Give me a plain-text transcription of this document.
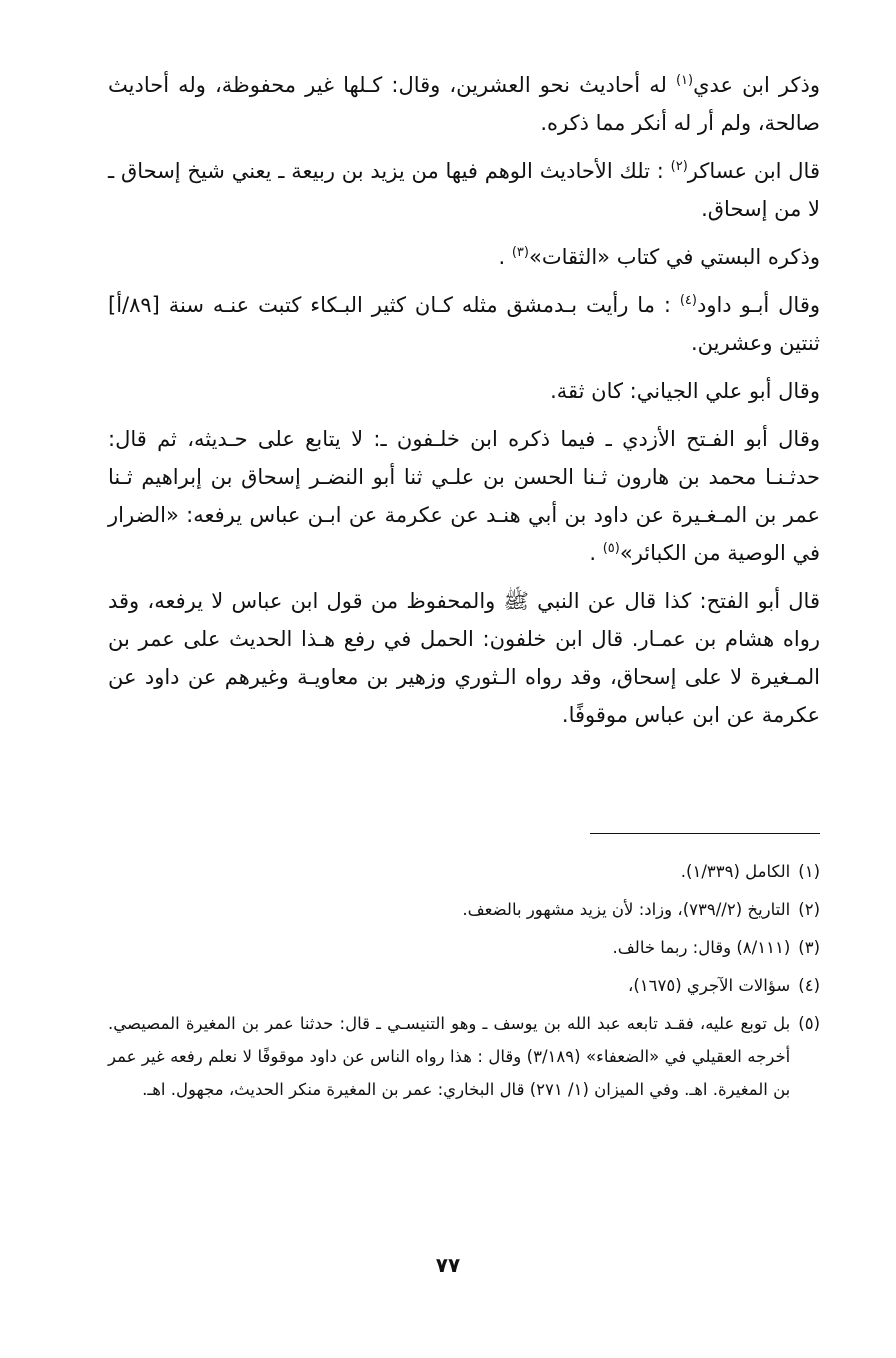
وذكر ابن عدي$^{(١)}$ له أحاديث نحو العشرين، وقال: كـلها غير محفوظة، وله أحاديث صالحة، ولم أر له أنكر مما ذكره.

قال ابن عساكر$^{(٢)}$ : تلك الأحاديث الوهم فيها من يزيد بن ربيعة ـ يعني شيخ إسحاق ـ لا من إسحاق.

وذكره البستي في كتاب «الثقات»$^{(٣)}$ .

وقال أبـو داود$^{(٤)}$ : ما رأيت بـدمشق مثله كـان كثير البـكاء كتبت عنـه سنة [٨٩/أ] ثنتين وعشرين.

وقال أبو علي الجياني: كان ثقة.

وقال أبو الفـتح الأزدي ـ فيما ذكره ابن خلـفون ـ: لا يتابع على حـديثه، ثم قال: حدثـنـا محمد بن هارون ثـنا الحسن بن علـي ثنا أبو النضـر إسحاق بن إبراهيم ثـنا عمر بن المـغـيرة عن داود بن أبي هنـد عن عكرمة عن ابـن عباس يرفعه: «الضرار في الوصية من الكبائر»$^{(٥)}$ .

قال أبو الفتح: كذا قال عن النبي ﷺ والمحفوظ من قول ابن عباس لا يرفعه، وقد رواه هشام بن عمـار. قال ابن خلفون: الحمل في رفع هـذا الحديث على عمر بن المـغيرة لا على إسحاق، وقد رواه الـثوري وزهير بن معاويـة وغيرهم عن داود عن عكرمة عن ابن عباس موقوفًا.

(١)
الكامل (١/٣٣٩).
(٢)
التاريخ (٢//٧٣٩)، وزاد: لأن يزيد مشهور بالضعف.
(٣)
(٨/١١١) وقال: ربما خالف.
(٤)
سؤالات الآجري (١٦٧٥)،
(٥)
بل توبع عليه، فقـد تابعه عبد الله بن يوسف ـ وهو التنيسـي ـ قال: حدثنا عمر بن المغيرة المصيصي. أخرجه العقيلي في «الضعفاء» (٣/١٨٩) وقال : هذا رواه الناس عن داود موقوفًا لا نعلم رفعه غير عمر بن المغيرة. اهـ. وفي الميزان (١/ ٢٧١) قال البخاري: عمر بن المغيرة منكر الحديث، مجهول. اهـ.
٧٧
